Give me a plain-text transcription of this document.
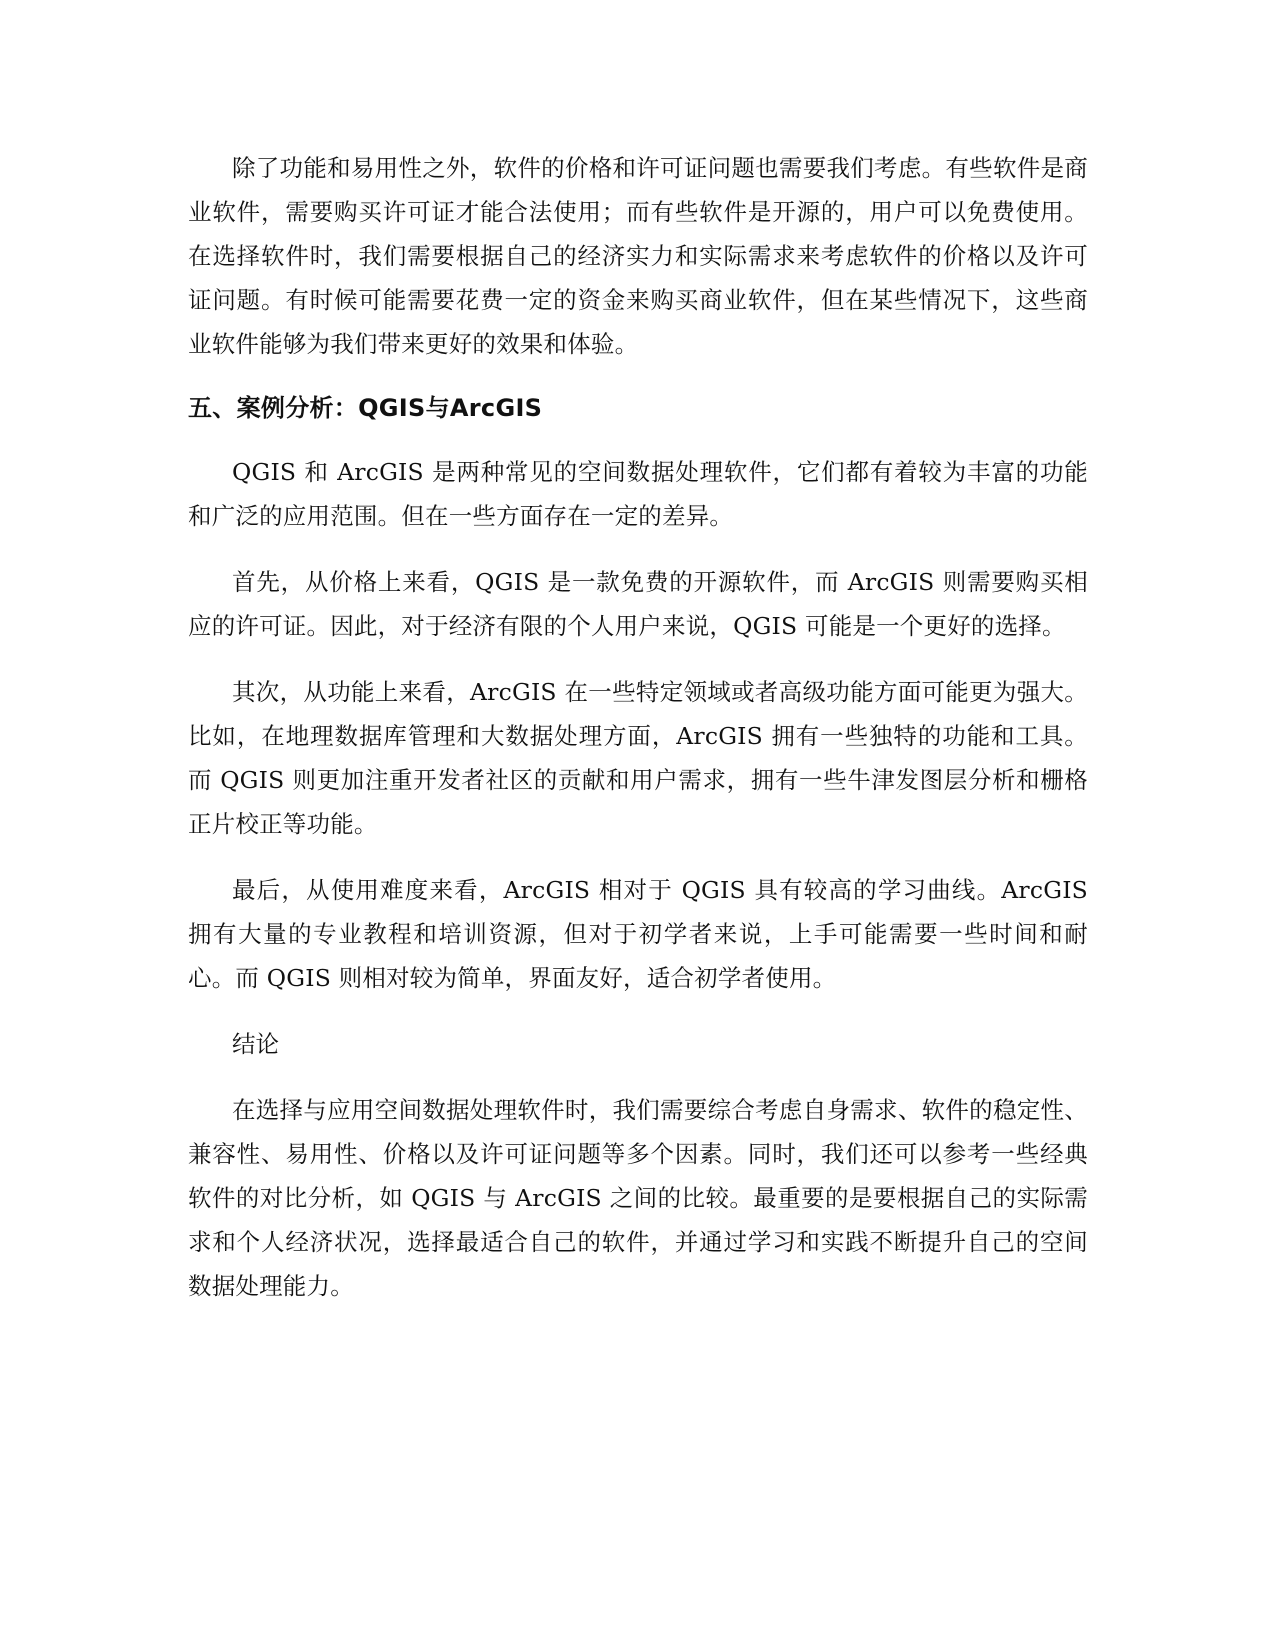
除了功能和易用性之外，软件的价格和许可证问题也需要我们考虑。有些软件是商业软件，需要购买许可证才能合法使用；而有些软件是开源的，用户可以免费使用。在选择软件时，我们需要根据自己的经济实力和实际需求来考虑软件的价格以及许可证问题。有时候可能需要花费一定的资金来购买商业软件，但在某些情况下，这些商业软件能够为我们带来更好的效果和体验。

五、案例分析：QGIS与ArcGIS

QGIS 和 ArcGIS 是两种常见的空间数据处理软件，它们都有着较为丰富的功能和广泛的应用范围。但在一些方面存在一定的差异。

首先，从价格上来看，QGIS 是一款免费的开源软件，而 ArcGIS 则需要购买相应的许可证。因此，对于经济有限的个人用户来说，QGIS 可能是一个更好的选择。

其次，从功能上来看，ArcGIS 在一些特定领域或者高级功能方面可能更为强大。比如，在地理数据库管理和大数据处理方面，ArcGIS 拥有一些独特的功能和工具。而 QGIS 则更加注重开发者社区的贡献和用户需求，拥有一些牛津发图层分析和栅格正片校正等功能。

最后，从使用难度来看，ArcGIS 相对于 QGIS 具有较高的学习曲线。ArcGIS 拥有大量的专业教程和培训资源，但对于初学者来说，上手可能需要一些时间和耐心。而 QGIS 则相对较为简单，界面友好，适合初学者使用。

结论

在选择与应用空间数据处理软件时，我们需要综合考虑自身需求、软件的稳定性、兼容性、易用性、价格以及许可证问题等多个因素。同时，我们还可以参考一些经典软件的对比分析，如 QGIS 与 ArcGIS 之间的比较。最重要的是要根据自己的实际需求和个人经济状况，选择最适合自己的软件，并通过学习和实践不断提升自己的空间数据处理能力。
